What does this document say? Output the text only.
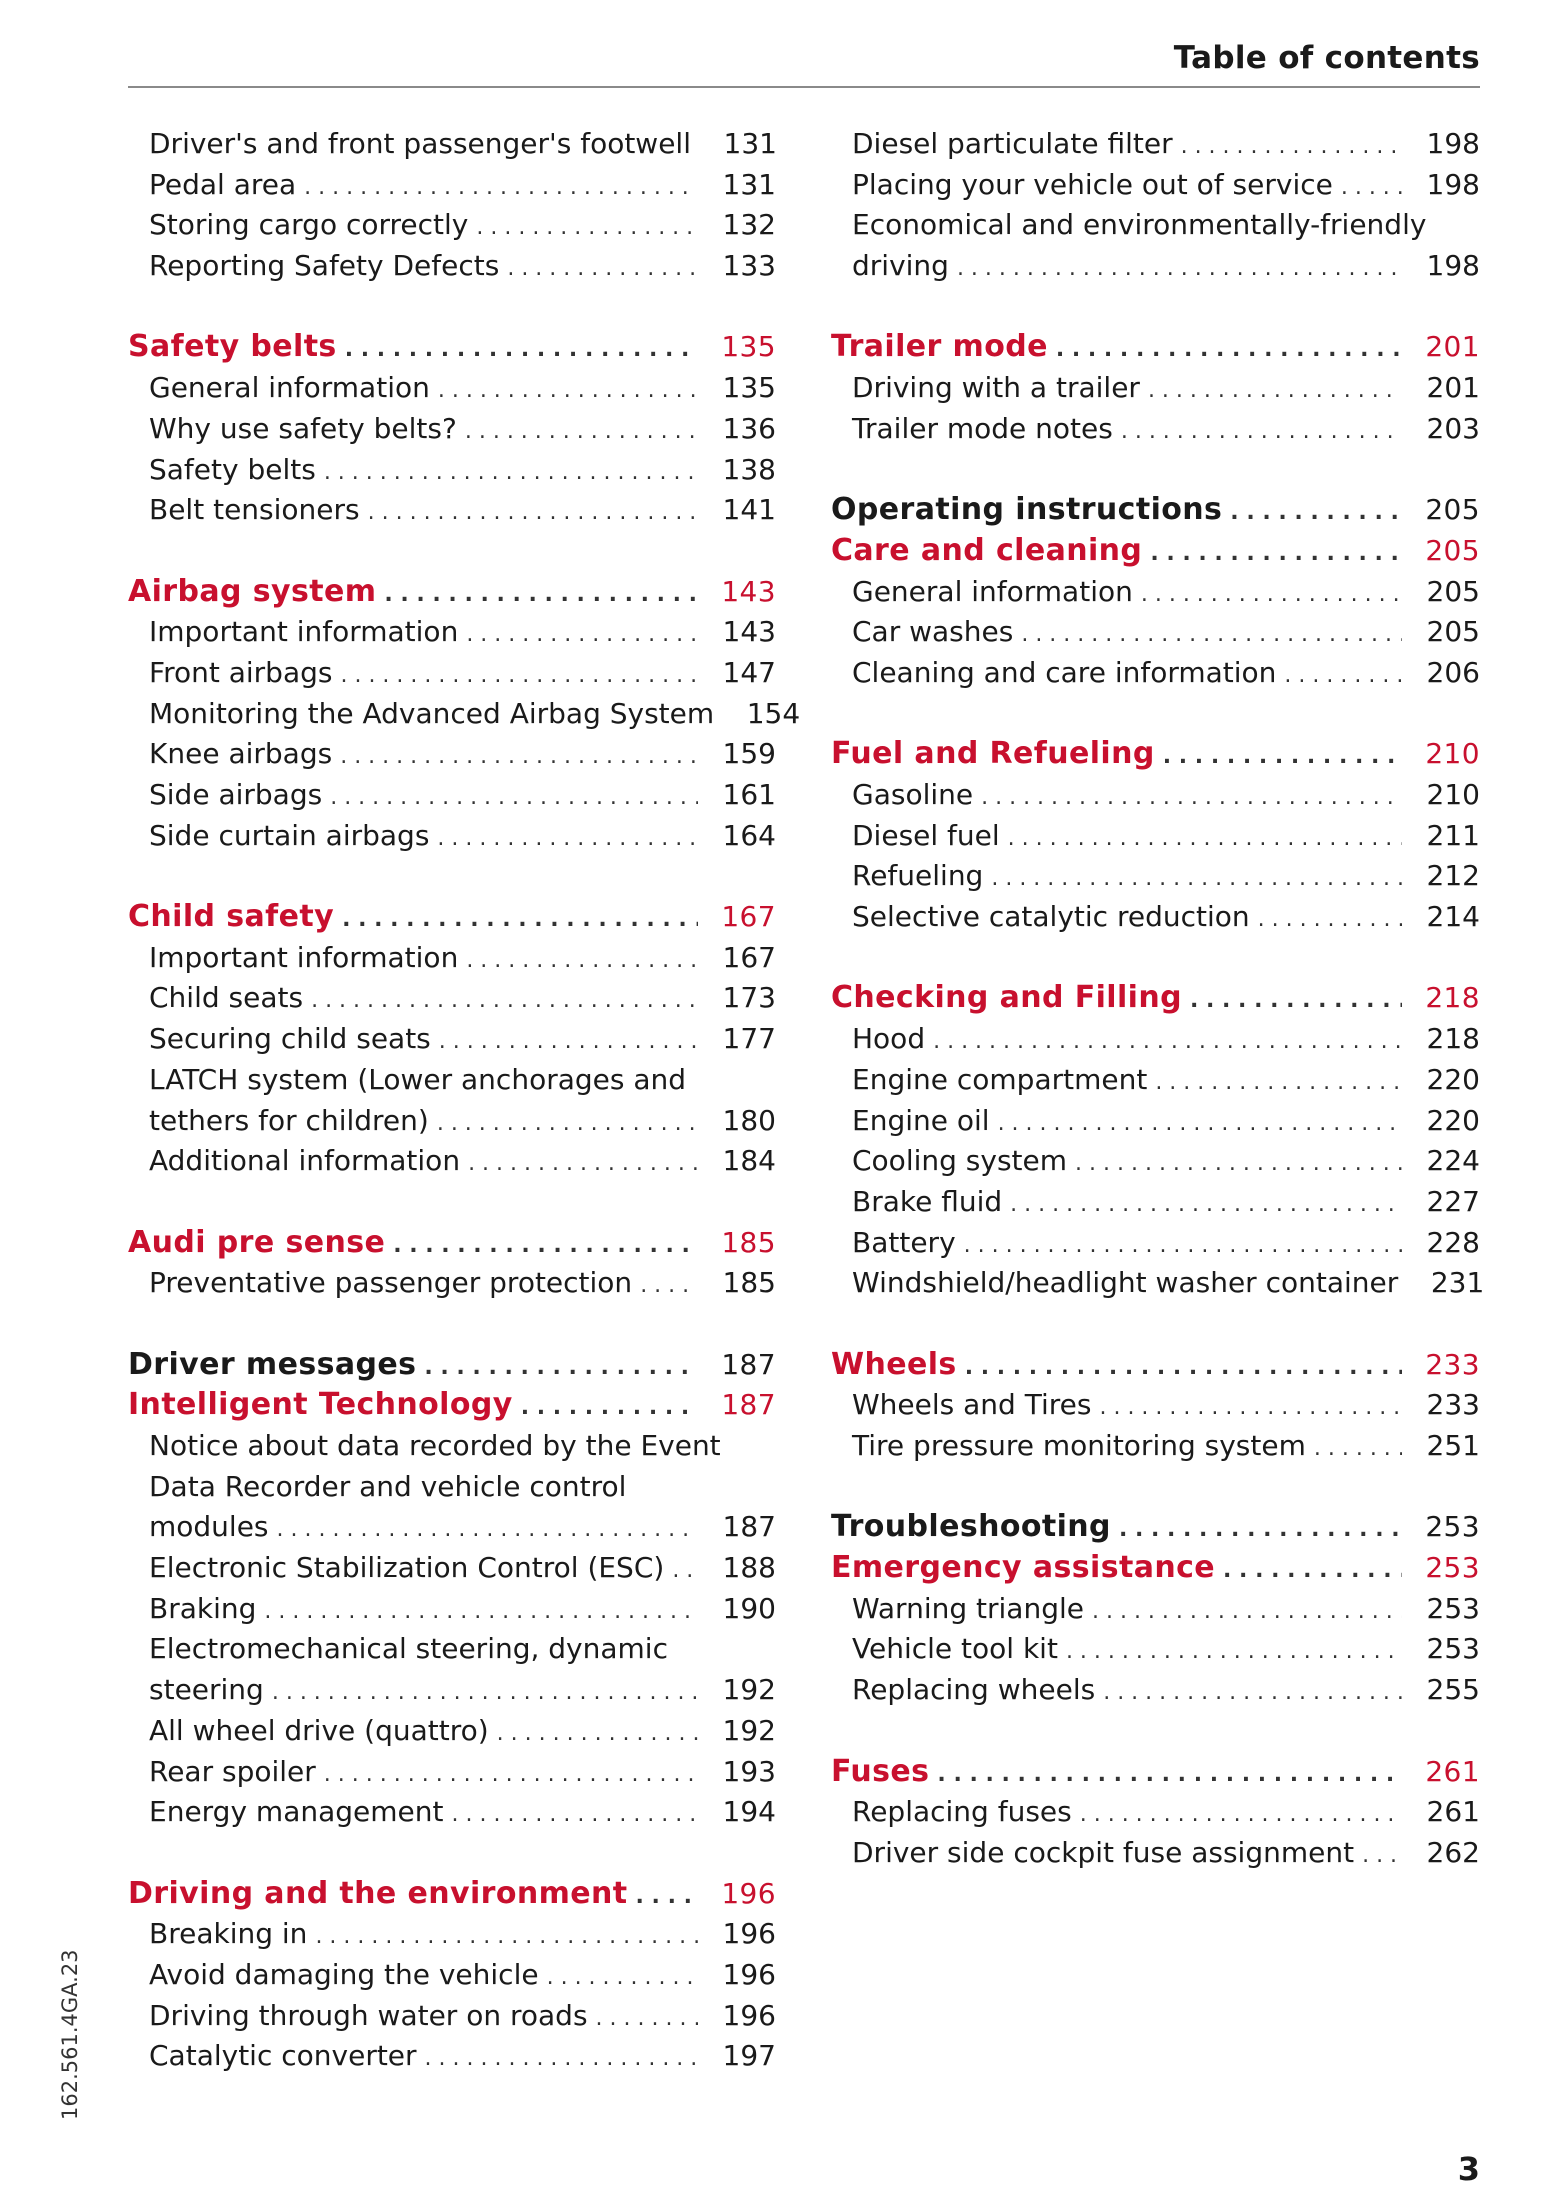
Table of contents
Driver's and front passenger's footwell	131
Pedal area . . .	131
Storing cargo correctly . . .	132
Reporting Safety Defects . . .	133
Safety belts . . .	135
General information . . .	135
Why use safety belts? . . .	136
Safety belts . . .	138
Belt tensioners . . .	141
Airbag system . . .	143
Important information . . .	143
Front airbags . . .	147
Monitoring the Advanced Airbag System	154
Knee airbags . . .	159
Side airbags . . .	161
Side curtain airbags . . .	164
Child safety . . .	167
Important information . . .	167
Child seats . . .	173
Securing child seats . . .	177
LATCH system (Lower anchorages and
tethers for children) . . .	180
Additional information . . .	184
Audi pre sense . . .	185
Preventative passenger protection . . .	185
Driver messages . . .	187
Intelligent Technology . . .	187
Notice about data recorded by the Event
Data Recorder and vehicle control
modules . . .	187
Electronic Stabilization Control (ESC) . . .	188
Braking . . .	190
Electromechanical steering, dynamic
steering . . .	192
All wheel drive (quattro) . . .	192
Rear spoiler . . .	193
Energy management . . .	194
Driving and the environment . . .	196
Breaking in . . .	196
Avoid damaging the vehicle . . .	196
Driving through water on roads . . .	196
Catalytic converter . . .	197
Diesel particulate filter . . .	198
Placing your vehicle out of service . . .	198
Economical and environmentally-friendly
driving . . .	198
Trailer mode . . .	201
Driving with a trailer . . .	201
Trailer mode notes . . .	203
Operating instructions . . .	205
Care and cleaning . . .	205
General information . . .	205
Car washes . . .	205
Cleaning and care information . . .	206
Fuel and Refueling . . .	210
Gasoline . . .	210
Diesel fuel . . .	211
Refueling . . .	212
Selective catalytic reduction . . .	214
Checking and Filling . . .	218
Hood . . .	218
Engine compartment . . .	220
Engine oil . . .	220
Cooling system . . .	224
Brake fluid . . .	227
Battery . . .	228
Windshield/headlight washer container	231
Wheels . . .	233
Wheels and Tires . . .	233
Tire pressure monitoring system . . .	251
Troubleshooting . . .	253
Emergency assistance . . .	253
Warning triangle . . .	253
Vehicle tool kit . . .	253
Replacing wheels . . .	255
Fuses . . .	261
Replacing fuses . . .	261
Driver side cockpit fuse assignment . . .	262
162.561.4GA.23
3
